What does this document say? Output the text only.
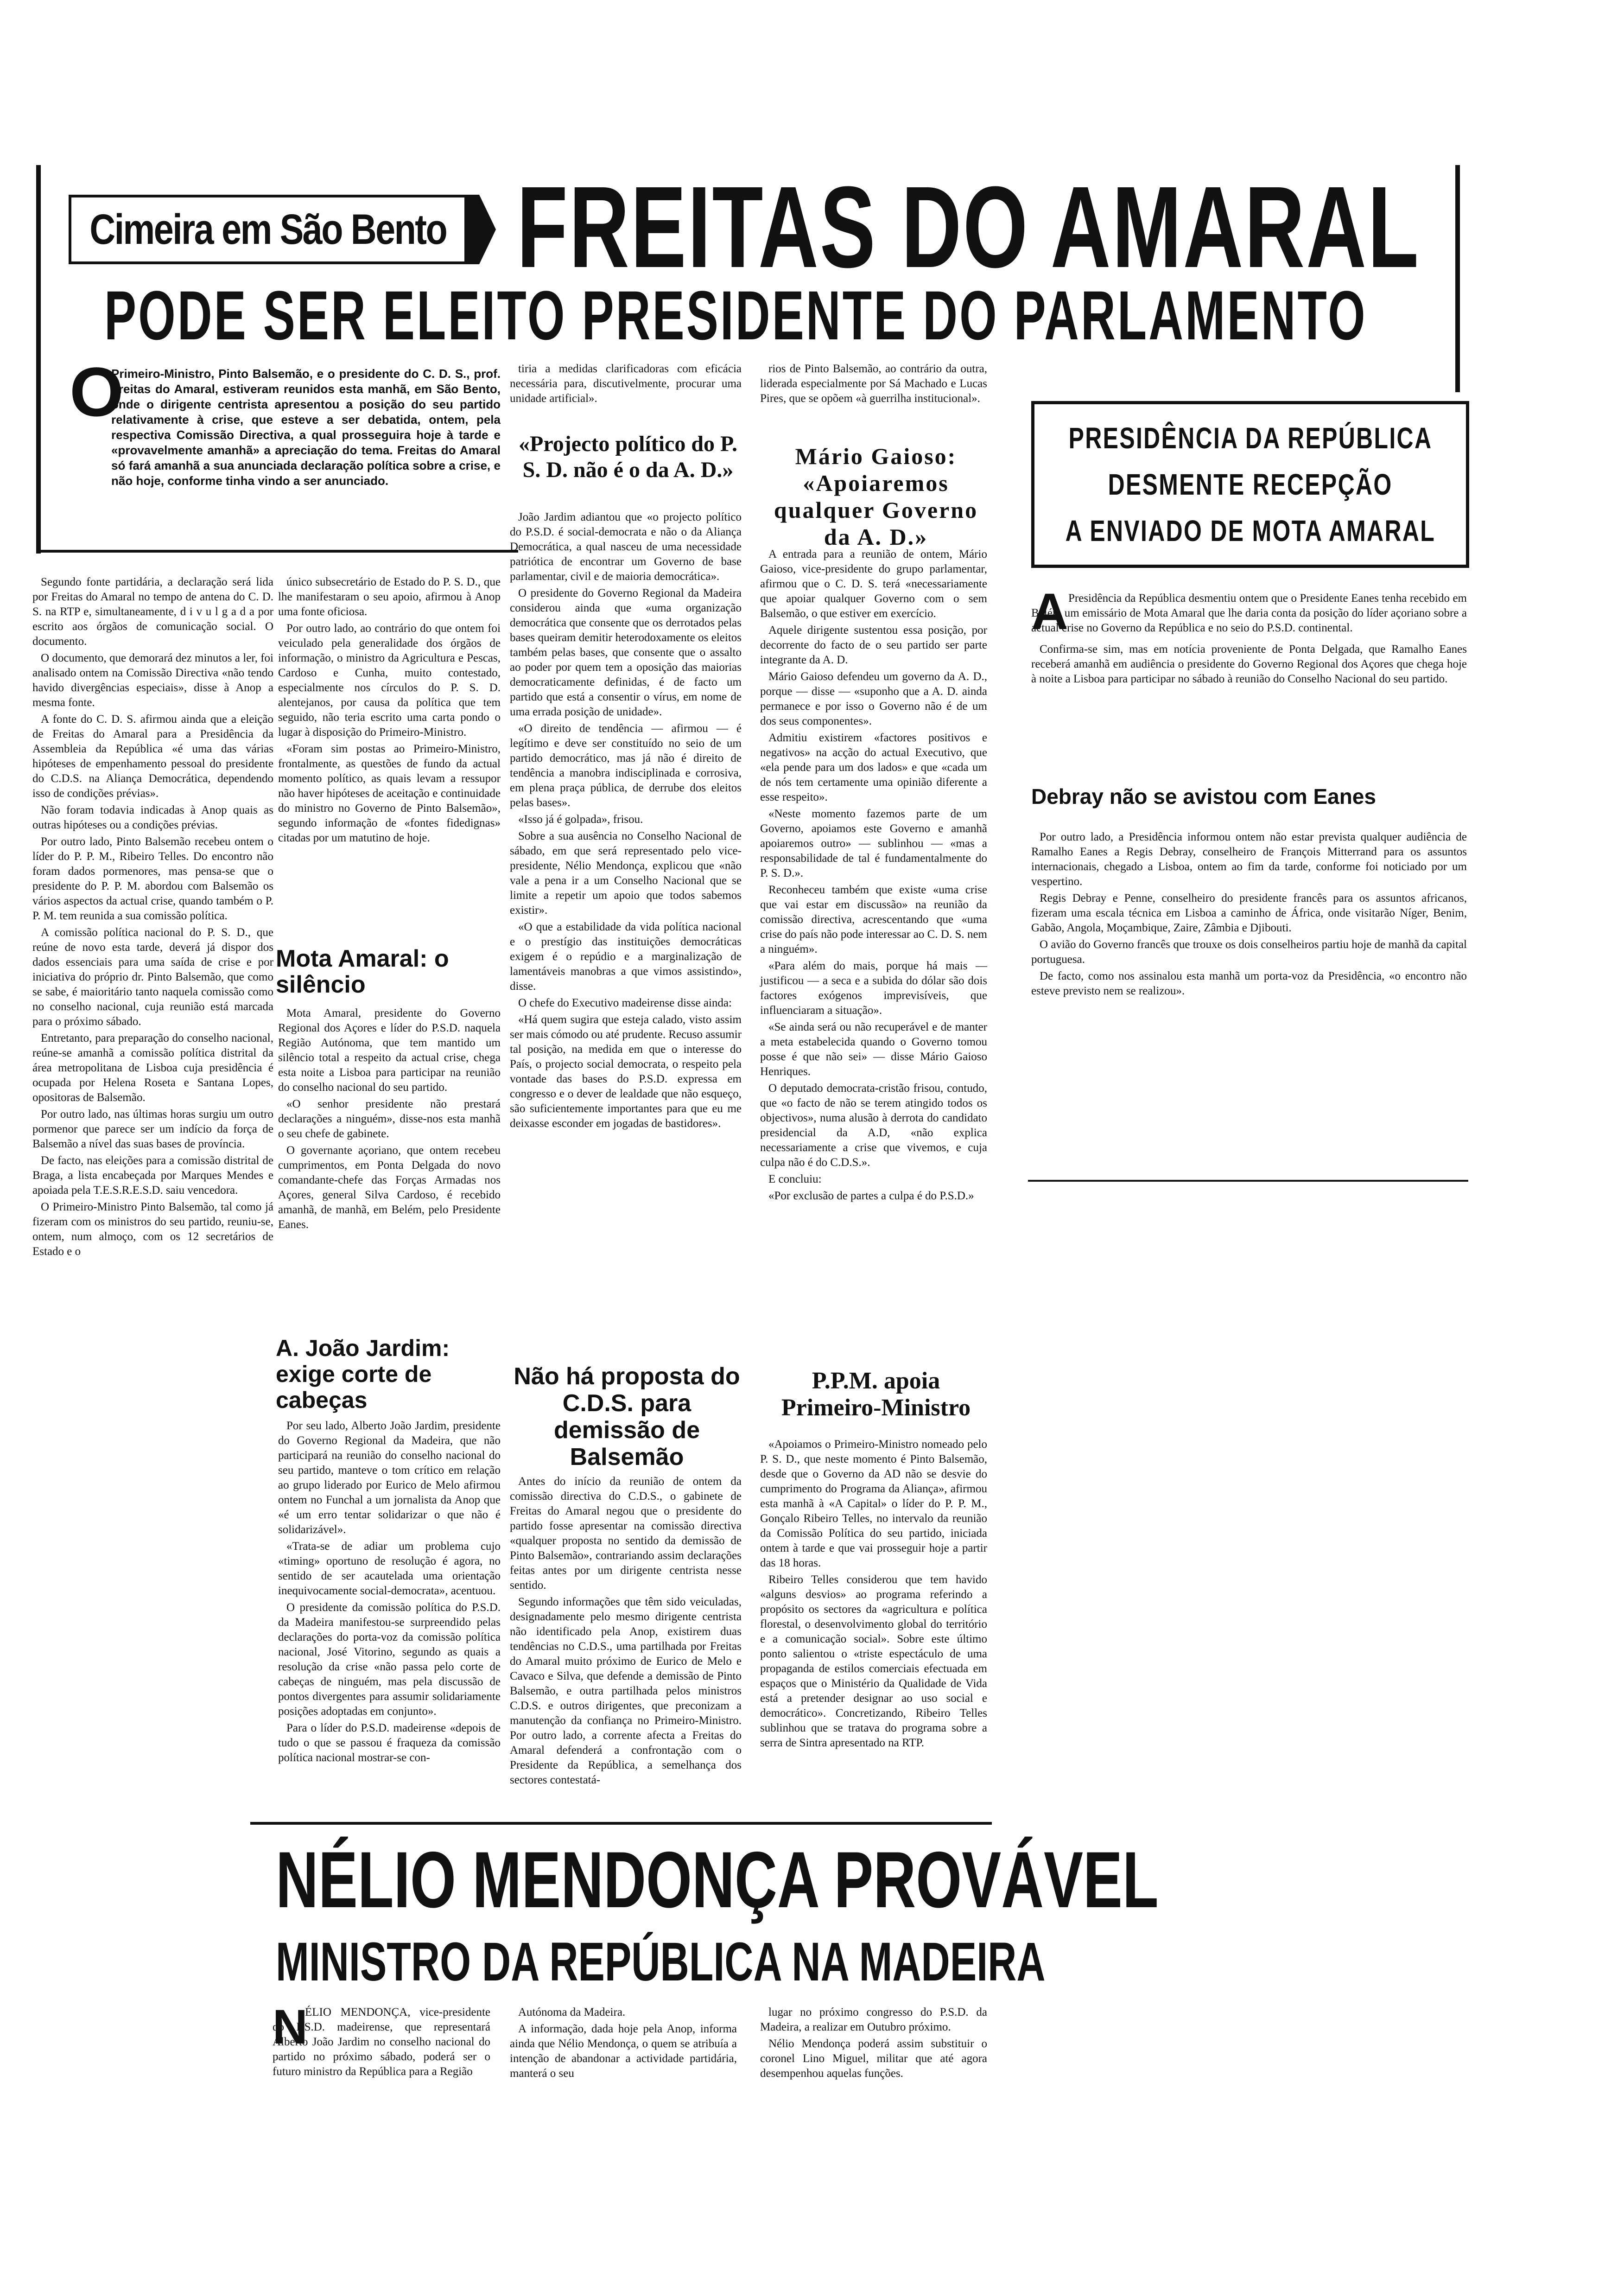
Cimeira em São Bento FREITAS DO AMARAL
PODE SER ELEITO PRESIDENTE DO PARLAMENTO
O
Primeiro-Ministro, Pinto Balsemão, e o presidente do C. D. S., prof. Freitas do Amaral, estiveram reunidos esta manhã, em São Bento, onde o dirigente centrista apresentou a posição do seu partido relativamente à crise, que esteve a ser debatida, ontem, pela respectiva Comissão Directiva, a qual prosseguira hoje à tarde e «provavelmente amanhã» a apreciação do tema. Freitas do Amaral só fará amanhã a sua anunciada declaração política sobre a crise, e não hoje, conforme tinha vindo a ser anunciado.

Segundo fonte partidária, a declaração será lida por Freitas do Amaral no tempo de antena do C. D. S. na RTP e, simultaneamente, d i v u l g a d a por escrito aos órgãos de comunicação social. O documento.

O documento, que demorará dez minutos a ler, foi analisado ontem na Comissão Directiva «não tendo havido divergências especiais», disse à Anop a mesma fonte.

A fonte do C. D. S. afirmou ainda que a eleição de Freitas do Amaral para a Presidência da Assembleia da República «é uma das várias hipóteses de empenhamento pessoal do presidente do C.D.S. na Aliança Democrática, dependendo isso de condições prévias».

Não foram todavia indicadas à Anop quais as outras hipóteses ou a condições prévias.

Por outro lado, Pinto Balsemão recebeu ontem o líder do P. P. M., Ribeiro Telles. Do encontro não foram dados pormenores, mas pensa-se que o presidente do P. P. M. abordou com Balsemão os vários aspectos da actual crise, quando também o P. P. M. tem reunida a sua comissão política.

A comissão política nacional do P. S. D., que reúne de novo esta tarde, deverá já dispor dos dados essenciais para uma saída de crise e por iniciativa do próprio dr. Pinto Balsemão, que como se sabe, é maioritário tanto naquela comissão como no conselho nacional, cuja reunião está marcada para o próximo sábado.

Entretanto, para preparação do conselho nacional, reúne-se amanhã a comissão política distrital da área metropolitana de Lisboa cuja presidência é ocupada por Helena Roseta e Santana Lopes, opositoras de Balsemão.

Por outro lado, nas últimas horas surgiu um outro pormenor que parece ser um indício da força de Balsemão a nível das suas bases de província.

De facto, nas eleições para a comissão distrital de Braga, a lista encabeçada por Marques Mendes e apoiada pela T.E.S.R.E.S.D. saiu vencedora.

O Primeiro-Ministro Pinto Balsemão, tal como já fizeram com os ministros do seu partido, reuniu-se, ontem, num almoço, com os 12 secretários de Estado e o

único subsecretário de Estado do P. S. D., que lhe manifestaram o seu apoio, afirmou à Anop uma fonte oficiosa.

Por outro lado, ao contrário do que ontem foi veiculado pela generalidade dos órgãos de informação, o ministro da Agricultura e Pescas, Cardoso e Cunha, muito contestado, especialmente nos círculos do P. S. D. alentejanos, por causa da política que tem seguido, não teria escrito uma carta pondo o lugar à disposição do Primeiro-Ministro.

«Foram sim postas ao Primeiro-Ministro, frontalmente, as questões de fundo da actual momento político, as quais levam a ressupor não haver hipóteses de aceitação e continuidade do ministro no Governo de Pinto Balsemão», segundo informação de «fontes fidedignas» citadas por um matutino de hoje.

Mota Amaral: o silêncio

Mota Amaral, presidente do Governo Regional dos Açores e líder do P.S.D. naquela Região Autónoma, que tem mantido um silêncio total a respeito da actual crise, chega esta noite a Lisboa para participar na reunião do conselho nacional do seu partido.

«O senhor presidente não prestará declarações a ninguém», disse-nos esta manhã o seu chefe de gabinete.

O governante açoriano, que ontem recebeu cumprimentos, em Ponta Delgada do novo comandante-chefe das Forças Armadas nos Açores, general Silva Cardoso, é recebido amanhã, de manhã, em Belém, pelo Presidente Eanes.

A. João Jardim: exige corte de cabeças

Por seu lado, Alberto João Jardim, presidente do Governo Regional da Madeira, que não participará na reunião do conselho nacional do seu partido, manteve o tom crítico em relação ao grupo liderado por Eurico de Melo afirmou ontem no Funchal a um jornalista da Anop que «é um erro tentar solidarizar o que não é solidarizável».

«Trata-se de adiar um problema cujo «timing» oportuno de resolução é agora, no sentido de ser acautelada uma orientação inequivocamente social-democrata», acentuou.

O presidente da comissão política do P.S.D. da Madeira manifestou-se surpreendido pelas declarações do porta-voz da comissão política nacional, José Vitorino, segundo as quais a resolução da crise «não passa pelo corte de cabeças de ninguém, mas pela discussão de pontos divergentes para assumir solidariamente posições adoptadas em conjunto».

Para o líder do P.S.D. madeirense «depois de tudo o que se passou é fraqueza da comissão política nacional mostrar-se con-

tiria a medidas clarificadoras com eficácia necessária para, discutivelmente, procurar uma unidade artificial».

«Projecto político do P. S. D. não é o da A. D.»

João Jardim adiantou que «o projecto político do P.S.D. é social-democrata e não o da Aliança Democrática, a qual nasceu de uma necessidade patriótica de encontrar um Governo de base parlamentar, civil e de maioria democrática».

O presidente do Governo Regional da Madeira considerou ainda que «uma organização democrática que consente que os derrotados pelas bases queiram demitir heterodoxamente os eleitos também pelas bases, que consente que o assalto ao poder por quem tem a oposição das maiorias democraticamente definidas, é de facto um partido que está a consentir o vírus, em nome de uma errada posição de unidade».

«O direito de tendência — afirmou — é legítimo e deve ser constituído no seio de um partido democrático, mas já não é direito de tendência a manobra indisciplinada e corrosiva, em plena praça pública, de derrube dos eleitos pelas bases».

«Isso já é golpada», frisou.

Sobre a sua ausência no Conselho Nacional de sábado, em que será representado pelo vice-presidente, Nélio Mendonça, explicou que «não vale a pena ir a um Conselho Nacional que se limite a repetir um apoio que todos sabemos existir».

«O que a estabilidade da vida política nacional e o prestígio das instituições democráticas exigem é o repúdio e a marginalização de lamentáveis manobras a que vimos assistindo», disse.

O chefe do Executivo madeirense disse ainda:

«Há quem sugira que esteja calado, visto assim ser mais cómodo ou até prudente. Recuso assumir tal posição, na medida em que o interesse do País, o projecto social democrata, o respeito pela vontade das bases do P.S.D. expressa em congresso e o dever de lealdade que não esqueço, são suficientemente importantes para que eu me deixasse esconder em jogadas de bastidores».

Não há proposta do C.D.S. para demissão de Balsemão

Antes do início da reunião de ontem da comissão directiva do C.D.S., o gabinete de Freitas do Amaral negou que o presidente do partido fosse apresentar na comissão directiva «qualquer proposta no sentido da demissão de Pinto Balsemão», contrariando assim declarações feitas antes por um dirigente centrista nesse sentido.

Segundo informações que têm sido veiculadas, designadamente pelo mesmo dirigente centrista não identificado pela Anop, existirem duas tendências no C.D.S., uma partilhada por Freitas do Amaral muito próximo de Eurico de Melo e Cavaco e Silva, que defende a demissão de Pinto Balsemão, e outra partilhada pelos ministros C.D.S. e outros dirigentes, que preconizam a manutenção da confiança no Primeiro-Ministro. Por outro lado, a corrente afecta a Freitas do Amaral defenderá a confrontação com o Presidente da República, a semelhança dos sectores contestatá-

rios de Pinto Balsemão, ao contrário da outra, liderada especialmente por Sá Machado e Lucas Pires, que se opõem «à guerrilha institucional».

Mário Gaioso: «Apoiaremos qualquer Governo da A. D.»

A entrada para a reunião de ontem, Mário Gaioso, vice-presidente do grupo parlamentar, afirmou que o C. D. S. terá «necessariamente que apoiar qualquer Governo com o sem Balsemão, o que estiver em exercício.

Aquele dirigente sustentou essa posição, por decorrente do facto de o seu partido ser parte integrante da A. D.

Mário Gaioso defendeu um governo da A. D., porque — disse — «suponho que a A. D. ainda permanece e por isso o Governo não é de um dos seus componentes».

Admitiu existirem «factores positivos e negativos» na acção do actual Executivo, que «ela pende para um dos lados» e que «cada um de nós tem certamente uma opinião diferente a esse respeito».

«Neste momento fazemos parte de um Governo, apoiamos este Governo e amanhã apoiaremos outro» — sublinhou — «mas a responsabilidade de tal é fundamentalmente do P. S. D.».

Reconheceu também que existe «uma crise que vai estar em discussão» na reunião da comissão directiva, acrescentando que «uma crise do país não pode interessar ao C. D. S. nem a ninguém».

«Para além do mais, porque há mais — justificou — a seca e a subida do dólar são dois factores exógenos imprevisíveis, que influenciaram a situação».

«Se ainda será ou não recuperável e de manter a meta estabelecida quando o Governo tomou posse é que não sei» — disse Mário Gaioso Henriques.

O deputado democrata-cristão frisou, contudo, que «o facto de não se terem atingido todos os objectivos», numa alusão à derrota do candidato presidencial da A.D, «não explica necessariamente a crise que vivemos, e cuja culpa não é do C.D.S.».

E concluiu:

«Por exclusão de partes a culpa é do P.S.D.»

P.P.M. apoia Primeiro-Ministro

«Apoiamos o Primeiro-Ministro nomeado pelo P. S. D., que neste momento é Pinto Balsemão, desde que o Governo da AD não se desvie do cumprimento do Programa da Aliança», afirmou esta manhã à «A Capital» o líder do P. P. M., Gonçalo Ribeiro Telles, no intervalo da reunião da Comissão Política do seu partido, iniciada ontem à tarde e que vai prosseguir hoje a partir das 18 horas.

Ribeiro Telles considerou que tem havido «alguns desvios» ao programa referindo a propósito os sectores da «agricultura e política florestal, o desenvolvimento global do território e a comunicação social». Sobre este último ponto salientou o «triste espectáculo de uma propaganda de estilos comerciais efectuada em espaços que o Ministério da Qualidade de Vida está a pretender designar ao uso social e democrático». Concretizando, Ribeiro Telles sublinhou que se tratava do programa sobre a serra de Sintra apresentado na RTP.

PRESIDÊNCIA DA REPÚBLICA
DESMENTE RECEPÇÃO
A ENVIADO DE MOTA AMARAL
A Presidência da República desmentiu ontem que o Presidente Eanes tenha recebido em Belém um emissário de Mota Amaral que lhe daria conta da posição do líder açoriano sobre a actual crise no Governo da República e no seio do P.S.D. continental.

Confirma-se sim, mas em notícia proveniente de Ponta Delgada, que Ramalho Eanes receberá amanhã em audiência o presidente do Governo Regional dos Açores que chega hoje à noite a Lisboa para participar no sábado à reunião do Conselho Nacional do seu partido.

Debray não se avistou com Eanes

Por outro lado, a Presidência informou ontem não estar prevista qualquer audiência de Ramalho Eanes a Regis Debray, conselheiro de François Mitterrand para os assuntos internacionais, chegado a Lisboa, ontem ao fim da tarde, conforme foi noticiado por um vespertino.

Regis Debray e Penne, conselheiro do presidente francês para os assuntos africanos, fizeram uma escala técnica em Lisboa a caminho de África, onde visitarão Níger, Benim, Gabão, Angola, Moçambique, Zaire, Zâmbia e Djibouti.

O avião do Governo francês que trouxe os dois conselheiros partiu hoje de manhã da capital portuguesa.

De facto, como nos assinalou esta manhã um porta-voz da Presidência, «o encontro não esteve previsto nem se realizou».

NÉLIO MENDONÇA PROVÁVEL
MINISTRO DA REPÚBLICA NA MADEIRA
N

ÉLIO MENDONÇA, vice-presidente do P.S.D. madeirense, que representará Alberto João Jardim no conselho nacional do partido no próximo sábado, poderá ser o futuro ministro da República para a Região

Autónoma da Madeira.

A informação, dada hoje pela Anop, informa ainda que Nélio Mendonça, o quem se atribuía a intenção de abandonar a actividade partidária, manterá o seu

lugar no próximo congresso do P.S.D. da Madeira, a realizar em Outubro próximo.

Nélio Mendonça poderá assim substituir o coronel Lino Miguel, militar que até agora desempenhou aquelas funções.
